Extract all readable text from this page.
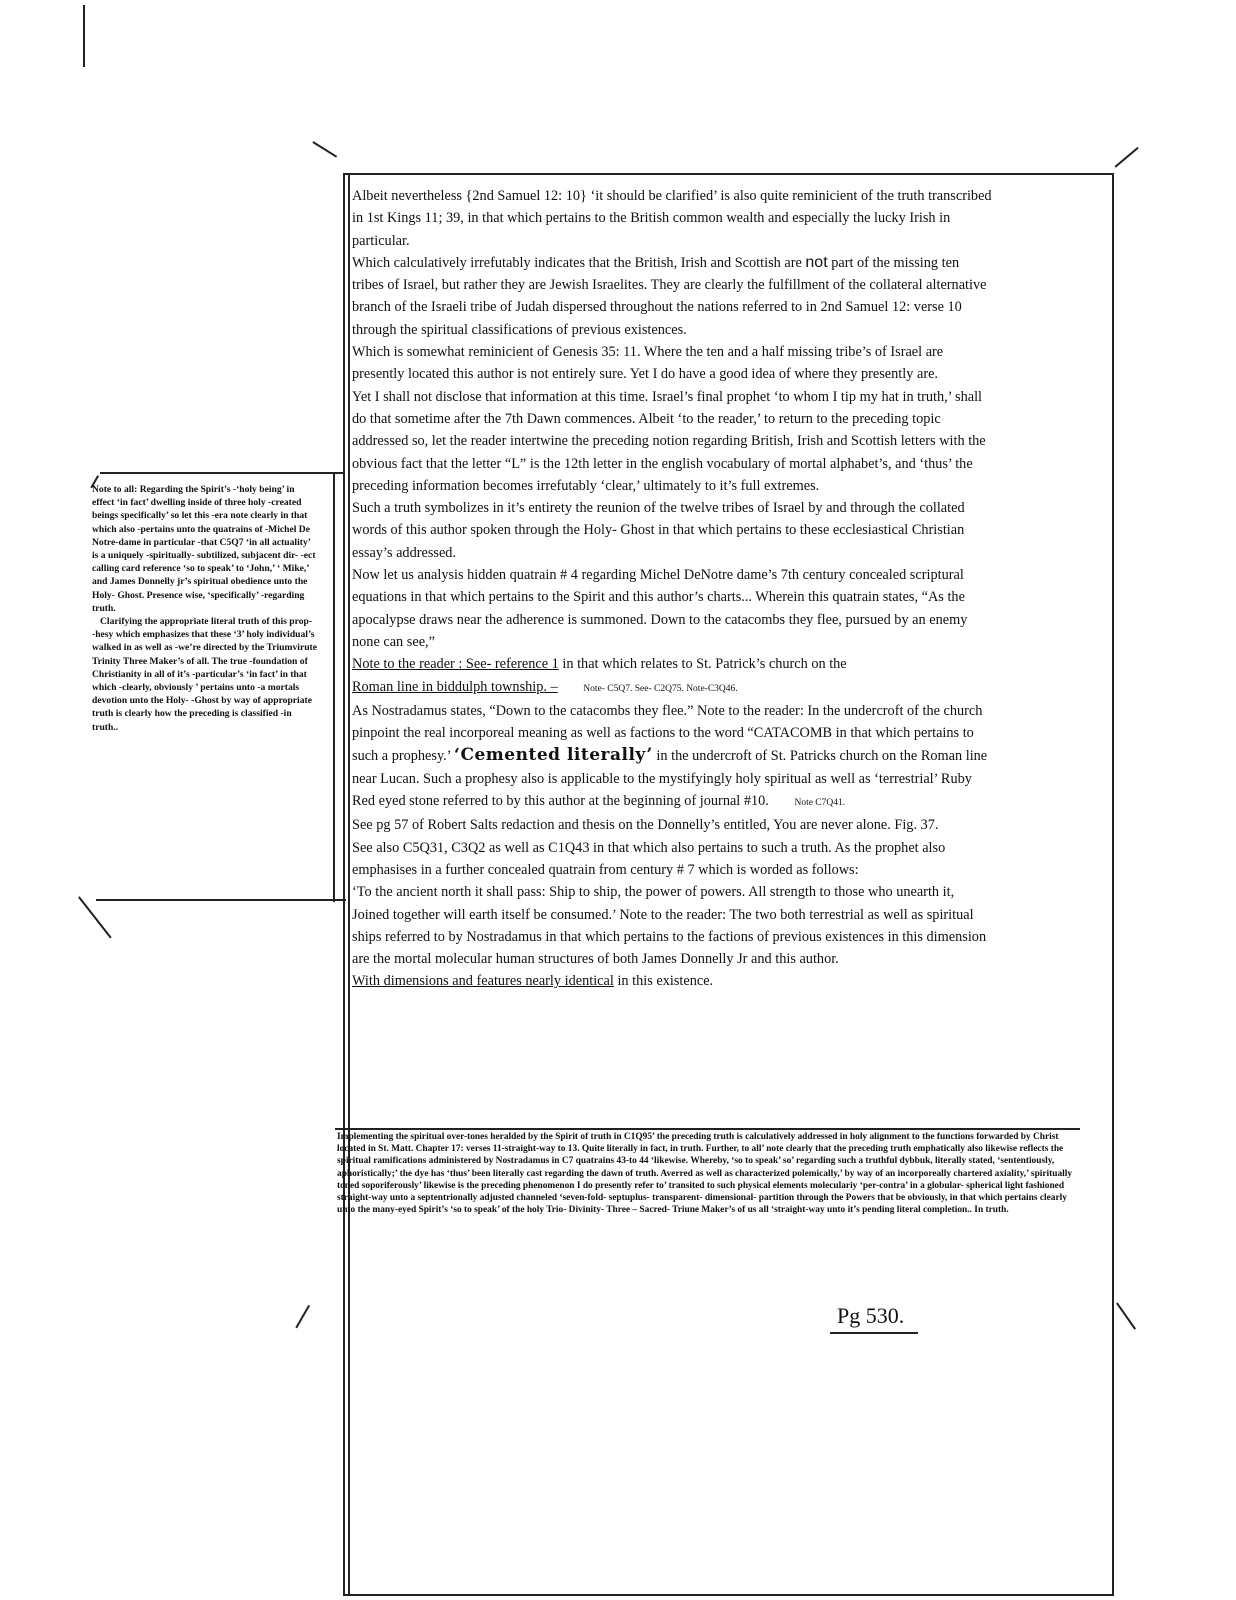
Albeit nevertheless {2nd Samuel 12: 10} ‘it should be clarified’ is also quite reminicient of the truth transcribed in 1st Kings 11; 39, in that which pertains to the British common wealth and especially the lucky Irish in particular.

Which calculatively irrefutably indicates that the British, Irish and Scottish are not part of the missing ten tribes of Israel, but rather they are Jewish Israelites. They are clearly the fulfillment of the collateral alternative branch of the Israeli tribe of Judah dispersed throughout the nations referred to in 2nd Samuel 12: verse 10 through the spiritual classifications of previous existences.

Which is somewhat reminicient of Genesis 35: 11. Where the ten and a half missing tribe’s of Israel are presently located this author is not entirely sure. Yet I do have a good idea of where they presently are.

Yet I shall not disclose that information at this time. Israel’s final prophet ‘to whom I tip my hat in truth,’ shall do that sometime after the 7th Dawn commences. Albeit ‘to the reader,’ to return to the preceding topic addressed so, let the reader intertwine the preceding notion regarding British, Irish and Scottish letters with the obvious fact that the letter “L” is the 12th letter in the english vocabulary of mortal alphabet’s, and ‘thus’ the preceding information becomes irrefutably ‘clear,’ ultimately to it’s full extremes.

Such a truth symbolizes in it’s entirety the reunion of the twelve tribes of Israel by and through the collated words of this author spoken through the Holy- Ghost in that which pertains to these ecclesiastical Christian essay’s addressed.

Now let us analysis hidden quatrain # 4 regarding Michel DeNotre dame’s 7th century concealed scriptural equations in that which pertains to the Spirit and this author’s charts... Wherein this quatrain states, “As the apocalypse draws near the adherence is summoned. Down to the catacombs they flee, pursued by an enemy none can see,”

Note to the reader : See- reference 1 in that which relates to St. Patrick’s church on the

Roman line in biddulph township. –	Note- C5Q7. See- C2Q75. Note-C3Q46.

As Nostradamus states, “Down to the catacombs they flee.” Note to the reader: In the undercroft of the church pinpoint the real incorporeal meaning as well as factions to the word “CATACOMB in that which pertains to such a prophesy.’ ‘Cemented literally’ in the undercroft of St. Patricks church on the Roman line near Lucan. Such a prophesy also is applicable to the mystifyingly holy spiritual as well as ‘terrestrial’ Ruby Red eyed stone referred to by this author at the beginning of journal #10.	Note C7Q41.

See pg 57 of Robert Salts redaction and thesis on the Donnelly’s entitled, You are never alone. Fig. 37.

See also C5Q31, C3Q2 as well as C1Q43 in that which also pertains to such a truth. As the prophet also emphasises in a further concealed quatrain from century # 7 which is worded as follows:

‘To the ancient north it shall pass: Ship to ship, the power of powers. All strength to those who unearth it, Joined together will earth itself be consumed.’ Note to the reader: The two both terrestrial as well as spiritual ships referred to by Nostradamus in that which pertains to the factions of previous existences in this dimension are the mortal molecular human structures of both James Donnelly Jr and this author.

With dimensions and features nearly identical in this existence.

Implementing the spiritual over-tones heralded by the Spirit of truth in C1Q95’ the preceding truth is calculatively addressed in holy alignment to the functions forwarded by Christ located in St. Matt. Chapter 17: verses 11-straight-way to 13. Quite literally in fact, in truth. Further, to all’ note clearly that the preceding truth emphatically also likewise reflects the spiritual ramifications administered by Nostradamus in C7 quatrains 43-to 44 ‘likewise. Whereby, ‘so to speak’ so’ regarding such a truthful dybbuk, literally stated, ‘sententiously, aphoristically;’ the dye has ‘thus’ been literally cast regarding the dawn of truth. Averred as well as characterized polemically,’ by way of an incorporeally chartered axiality,’ spiritually toned soporiferously’ likewise is the preceding phenomenon I do presently refer to’ transited to such physical elements moleculariy ‘per-contra’ in a globular- spherical light fashioned straight-way unto a septentrionally adjusted channeled ‘seven-fold- septuplus- transparent- dimensional- partition through the Powers that be obviously, in that which pertains clearly unto the many-eyed Spirit’s ‘so to speak’ of the holy Trio- Divinity- Three – Sacred- Triune Maker’s of us all ‘straight-way unto it’s pending literal completion.. In truth.
Pg 530.

Note to all: Regarding the Spirit’s -‘holy being’ in effect ‘in fact’ dwelling inside of three holy -created beings specifically’ so let this -era note clearly in that which also -pertains unto the quatrains of -Michel De Notre-dame in particular -that C5Q7 ‘in all actuality’ is a uniquely -spiritually- subtilized, subjacent dir- -ect calling card reference ‘so to speak’ to ‘John,’ ‘ Mike,’ and James Donnelly jr’s spiritual obedience unto the Holy- Ghost. Presence wise, ‘specifically’ -regarding truth.

Clarifying the appropriate literal truth of this prop- -hesy which emphasizes that these ‘3’ holy individual’s walked in as well as -we’re directed by the Triumvirute Trinity Three Maker’s of all. The true -foundation of Christianity in all of it’s -particular’s ‘in fact’ in that which -clearly, obviously ’ pertains unto -a mortals devotion unto the Holy- -Ghost by way of appropriate truth is clearly how the preceding is classified -in truth..
